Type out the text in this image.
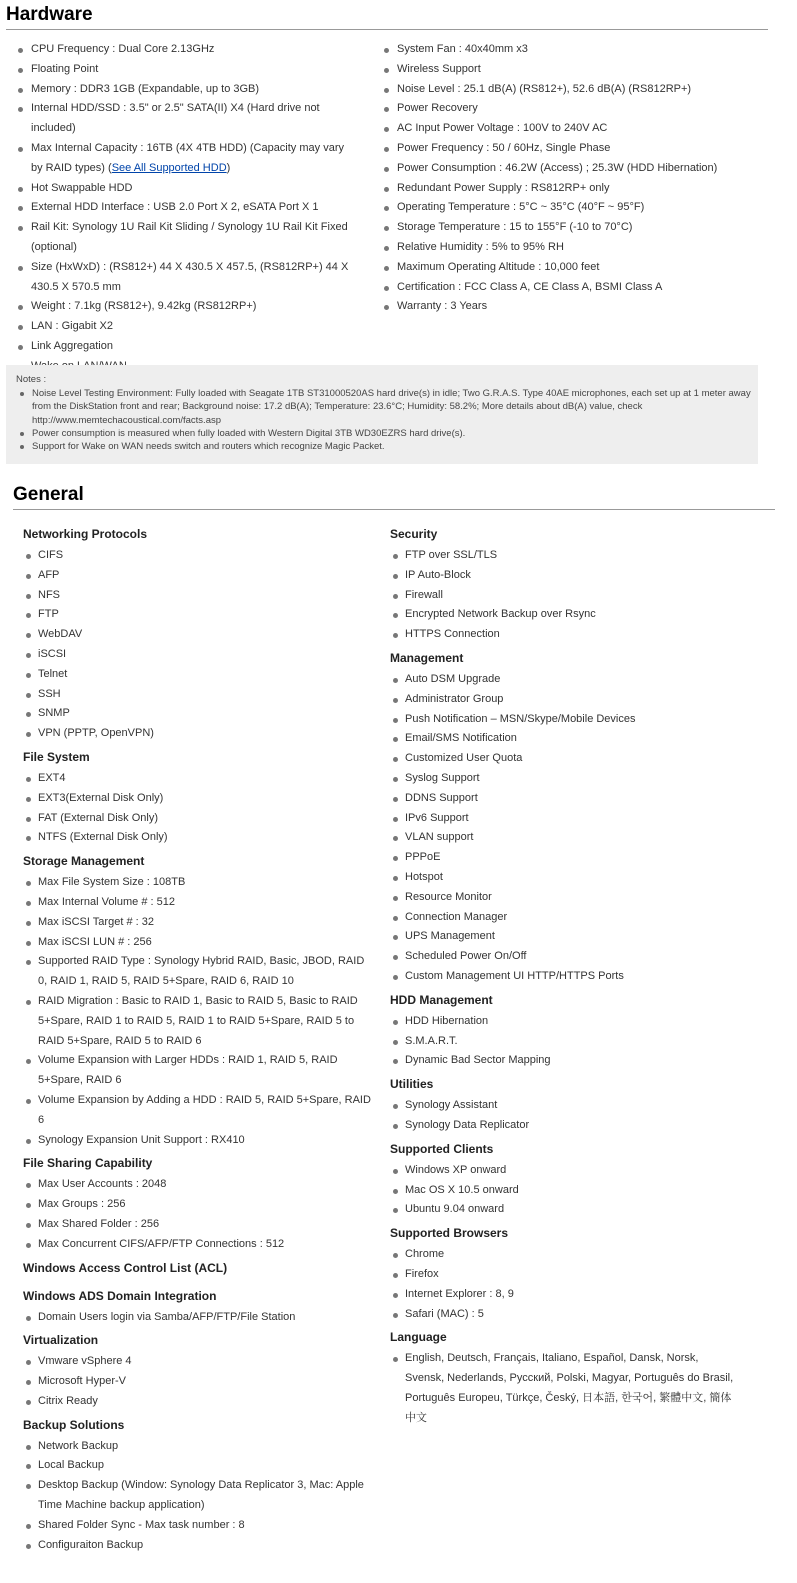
Hardware
CPU Frequency : Dual Core 2.13GHz
Floating Point
Memory : DDR3 1GB (Expandable, up to 3GB)
Internal HDD/SSD : 3.5" or 2.5" SATA(II) X4 (Hard drive not included)
Max Internal Capacity : 16TB (4X 4TB HDD) (Capacity may vary by RAID types) (See All Supported HDD)
Hot Swappable HDD
External HDD Interface : USB 2.0 Port X 2, eSATA Port X 1
Rail Kit: Synology 1U Rail Kit Sliding / Synology 1U Rail Kit Fixed (optional)
Size (HxWxD) : (RS812+) 44 X 430.5 X 457.5, (RS812RP+) 44 X 430.5 X 570.5 mm
Weight : 7.1kg (RS812+), 9.42kg (RS812RP+)
LAN : Gigabit X2
Link Aggregation
System Fan : 40x40mm x3
Wireless Support
Noise Level : 25.1 dB(A) (RS812+), 52.6 dB(A) (RS812RP+)
Power Recovery
AC Input Power Voltage : 100V to 240V AC
Power Frequency : 50 / 60Hz, Single Phase
Power Consumption : 46.2W (Access) ; 25.3W (HDD Hibernation)
Redundant Power Supply : RS812RP+ only
Operating Temperature : 5°C ~ 35°C (40°F ~ 95°F)
Storage Temperature : 15 to 155°F (-10 to 70°C)
Relative Humidity : 5% to 95% RH
Maximum Operating Altitude : 10,000 feet
Certification : FCC Class A, CE Class A, BSMI Class A
Warranty : 3 Years
Notes :
Noise Level Testing Environment: Fully loaded with Seagate 1TB ST31000520AS hard drive(s) in idle; Two G.R.A.S. Type 40AE microphones, each set up at 1 meter away from the DiskStation front and rear; Background noise: 17.2 dB(A); Temperature: 23.6°C; Humidity: 58.2%; More details about dB(A) value, check http://www.memtechacoustical.com/facts.asp
Power consumption is measured when fully loaded with Western Digital 3TB WD30EZRS hard drive(s).
Support for Wake on WAN needs switch and routers which recognize Magic Packet.
General
Networking Protocols
CIFS
AFP
NFS
FTP
WebDAV
iSCSI
Telnet
SSH
SNMP
VPN (PPTP, OpenVPN)
File System
EXT4
EXT3(External Disk Only)
FAT (External Disk Only)
NTFS (External Disk Only)
Storage Management
Max File System Size : 108TB
Max Internal Volume # : 512
Max iSCSI Target # : 32
Max iSCSI LUN # : 256
Supported RAID Type : Synology Hybrid RAID, Basic, JBOD, RAID 0, RAID 1, RAID 5, RAID 5+Spare, RAID 6, RAID 10
RAID Migration : Basic to RAID 1, Basic to RAID 5, Basic to RAID 5+Spare, RAID 1 to RAID 5, RAID 1 to RAID 5+Spare, RAID 5 to RAID 5+Spare, RAID 5 to RAID 6
Volume Expansion with Larger HDDs : RAID 1, RAID 5, RAID 5+Spare, RAID 6
Volume Expansion by Adding a HDD : RAID 5, RAID 5+Spare, RAID 6
Synology Expansion Unit Support : RX410
File Sharing Capability
Max User Accounts : 2048
Max Groups : 256
Max Shared Folder : 256
Max Concurrent CIFS/AFP/FTP Connections : 512
Windows Access Control List (ACL)
Windows ADS Domain Integration
Domain Users login via Samba/AFP/FTP/File Station
Virtualization
Vmware vSphere 4
Microsoft Hyper-V
Citrix Ready
Backup Solutions
Network Backup
Local Backup
Desktop Backup (Window: Synology Data Replicator 3, Mac: Apple Time Machine backup application)
Shared Folder Sync - Max task number : 8
Configuraiton Backup
Security
FTP over SSL/TLS
IP Auto-Block
Firewall
Encrypted Network Backup over Rsync
HTTPS Connection
Management
Auto DSM Upgrade
Administrator Group
Push Notification – MSN/Skype/Mobile Devices
Email/SMS Notification
Customized User Quota
Syslog Support
DDNS Support
IPv6 Support
VLAN support
PPPoE
Hotspot
Resource Monitor
Connection Manager
UPS Management
Scheduled Power On/Off
Custom Management UI HTTP/HTTPS Ports
HDD Management
HDD Hibernation
S.M.A.R.T.
Dynamic Bad Sector Mapping
Utilities
Synology Assistant
Synology Data Replicator
Supported Clients
Windows XP onward
Mac OS X 10.5 onward
Ubuntu 9.04 onward
Supported Browsers
Chrome
Firefox
Internet Explorer : 8, 9
Safari (MAC) : 5
Language
English, Deutsch, Français, Italiano, Español, Dansk, Norsk, Svensk, Nederlands, Русский, Polski, Magyar, Português do Brasil, Português Europeu, Türkçe, Český, 日本語, 한국어, 繁體中文, 簡体中文
